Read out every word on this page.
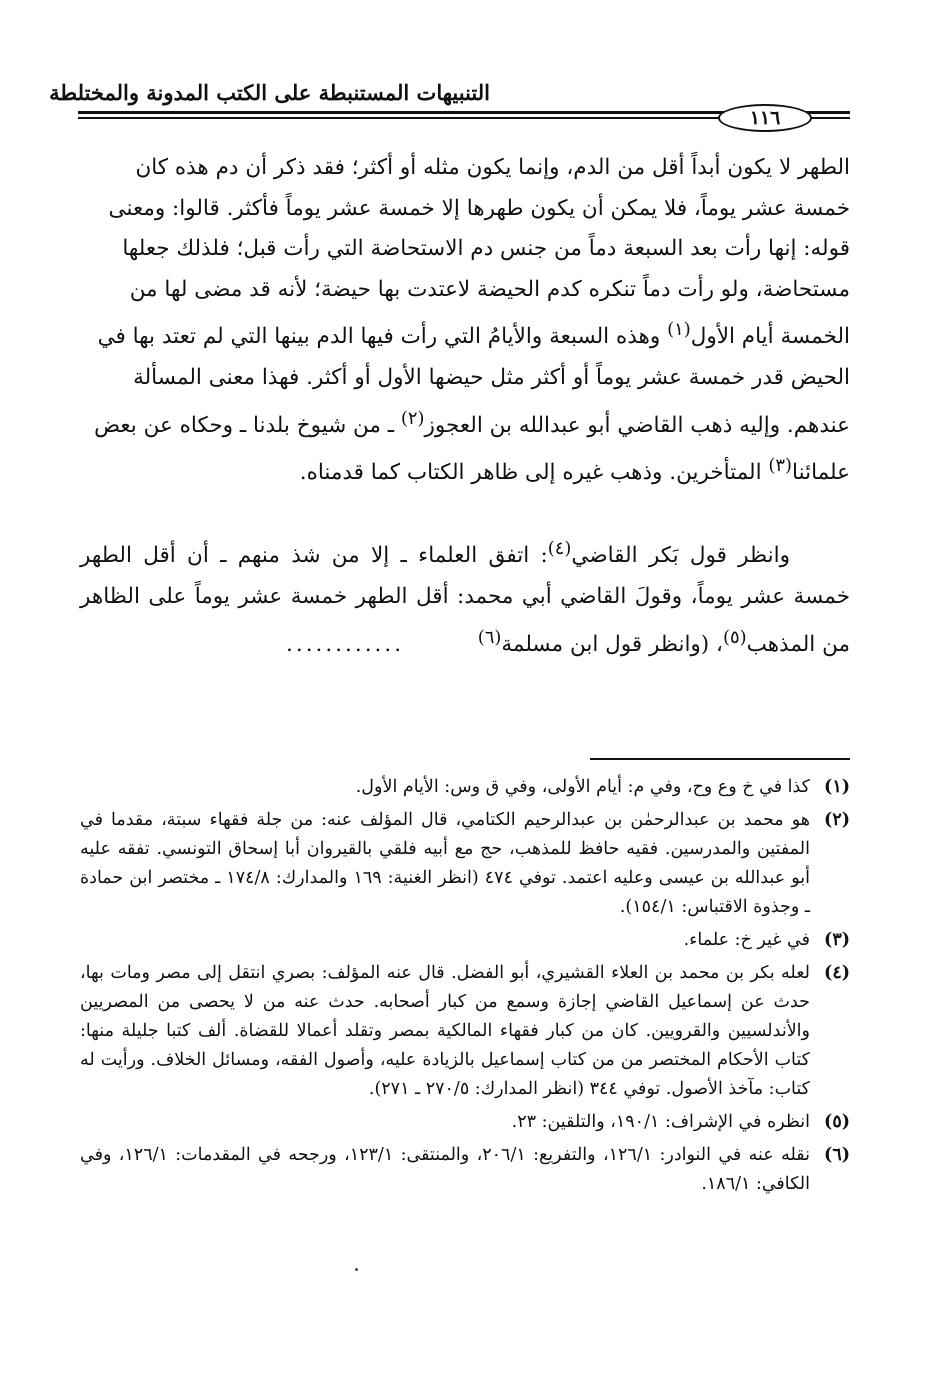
التنبيهات المستنبطة على الكتب المدونة والمختلطة
١١٦

الطهر لا يكون أبداً أقل من الدم، وإنما يكون مثله أو أكثر؛ فقد ذكر أن دم هذه كان خمسة عشر يوماً، فلا يمكن أن يكون طهرها إلا خمسة عشر يوماً فأكثر. قالوا: ومعنى قوله: إنها رأت بعد السبعة دماً من جنس دم الاستحاضة التي رأت قبل؛ فلذلك جعلها مستحاضة، ولو رأت دماً تنكره كدم الحيضة لاعتدت بها حيضة؛ لأنه قد مضى لها من الخمسة أيام الأول$^{(١)}$ وهذه السبعة والأيامُ التي رأت فيها الدم بينها التي لم تعتد بها في الحيض قدر خمسة عشر يوماً أو أكثر مثل حيضها الأول أو أكثر. فهذا معنى المسألة عندهم. وإليه ذهب القاضي أبو عبدالله بن العجوز$^{(٢)}$ ـ من شيوخ بلدنا ـ وحكاه عن بعض علمائنا$^{(٣)}$ المتأخرين. وذهب غيره إلى ظاهر الكتاب كما قدمناه.

وانظر قول بَكر القاضي$^{(٤)}$: اتفق العلماء ـ إلا من شذ منهم ـ أن أقل الطهر خمسة عشر يوماً، وقولَ القاضي أبي محمد: أقل الطهر خمسة عشر يوماً على الظاهر من المذهب$^{(٥)}$، (وانظر قول ابن مسلمة$^{(٦)}$  ............

(١)
كذا في خ وع وح، وفي م: أيام الأولى، وفي ق وس: الأيام الأول.
(٢)
هو محمد بن عبدالرحمٰن بن عبدالرحيم الكتامي، قال المؤلف عنه: من جلة فقهاء سبتة، مقدما في المفتين والمدرسين. فقيه حافظ للمذهب، حج مع أبيه فلقي بالقيروان أبا إسحاق التونسي. تفقه عليه أبو عبدالله بن عيسى وعليه اعتمد. توفي ٤٧٤ (انظر الغنية: ١٦٩ والمدارك: ١٧٤/٨ ـ مختصر ابن حمادة ـ وجذوة الاقتباس: ١٥٤/١).
(٣)
في غير خ: علماء.
(٤)
لعله بكر بن محمد بن العلاء القشيري، أبو الفضل. قال عنه المؤلف: بصري انتقل إلى مصر ومات بها، حدث عن إسماعيل القاضي إجازة وسمع من كبار أصحابه. حدث عنه من لا يحصى من المصريين والأندلسيين والقرويين. كان من كبار فقهاء المالكية بمصر وتقلد أعمالا للقضاة. ألف كتبا جليلة منها: كتاب الأحكام المختصر من من كتاب إسماعيل بالزيادة عليه، وأصول الفقه، ومسائل الخلاف. ورأيت له كتاب: مآخذ الأصول. توفي ٣٤٤ (انظر المدارك: ٢٧٠/٥ ـ ٢٧١).
(٥)
انظره في الإشراف: ١٩٠/١، والتلقين: ٢٣.
(٦)
نقله عنه في النوادر: ١٢٦/١، والتفريع: ٢٠٦/١، والمنتقى: ١٢٣/١، ورجحه في المقدمات: ١٢٦/١، وفي الكافي: ١٨٦/١.
